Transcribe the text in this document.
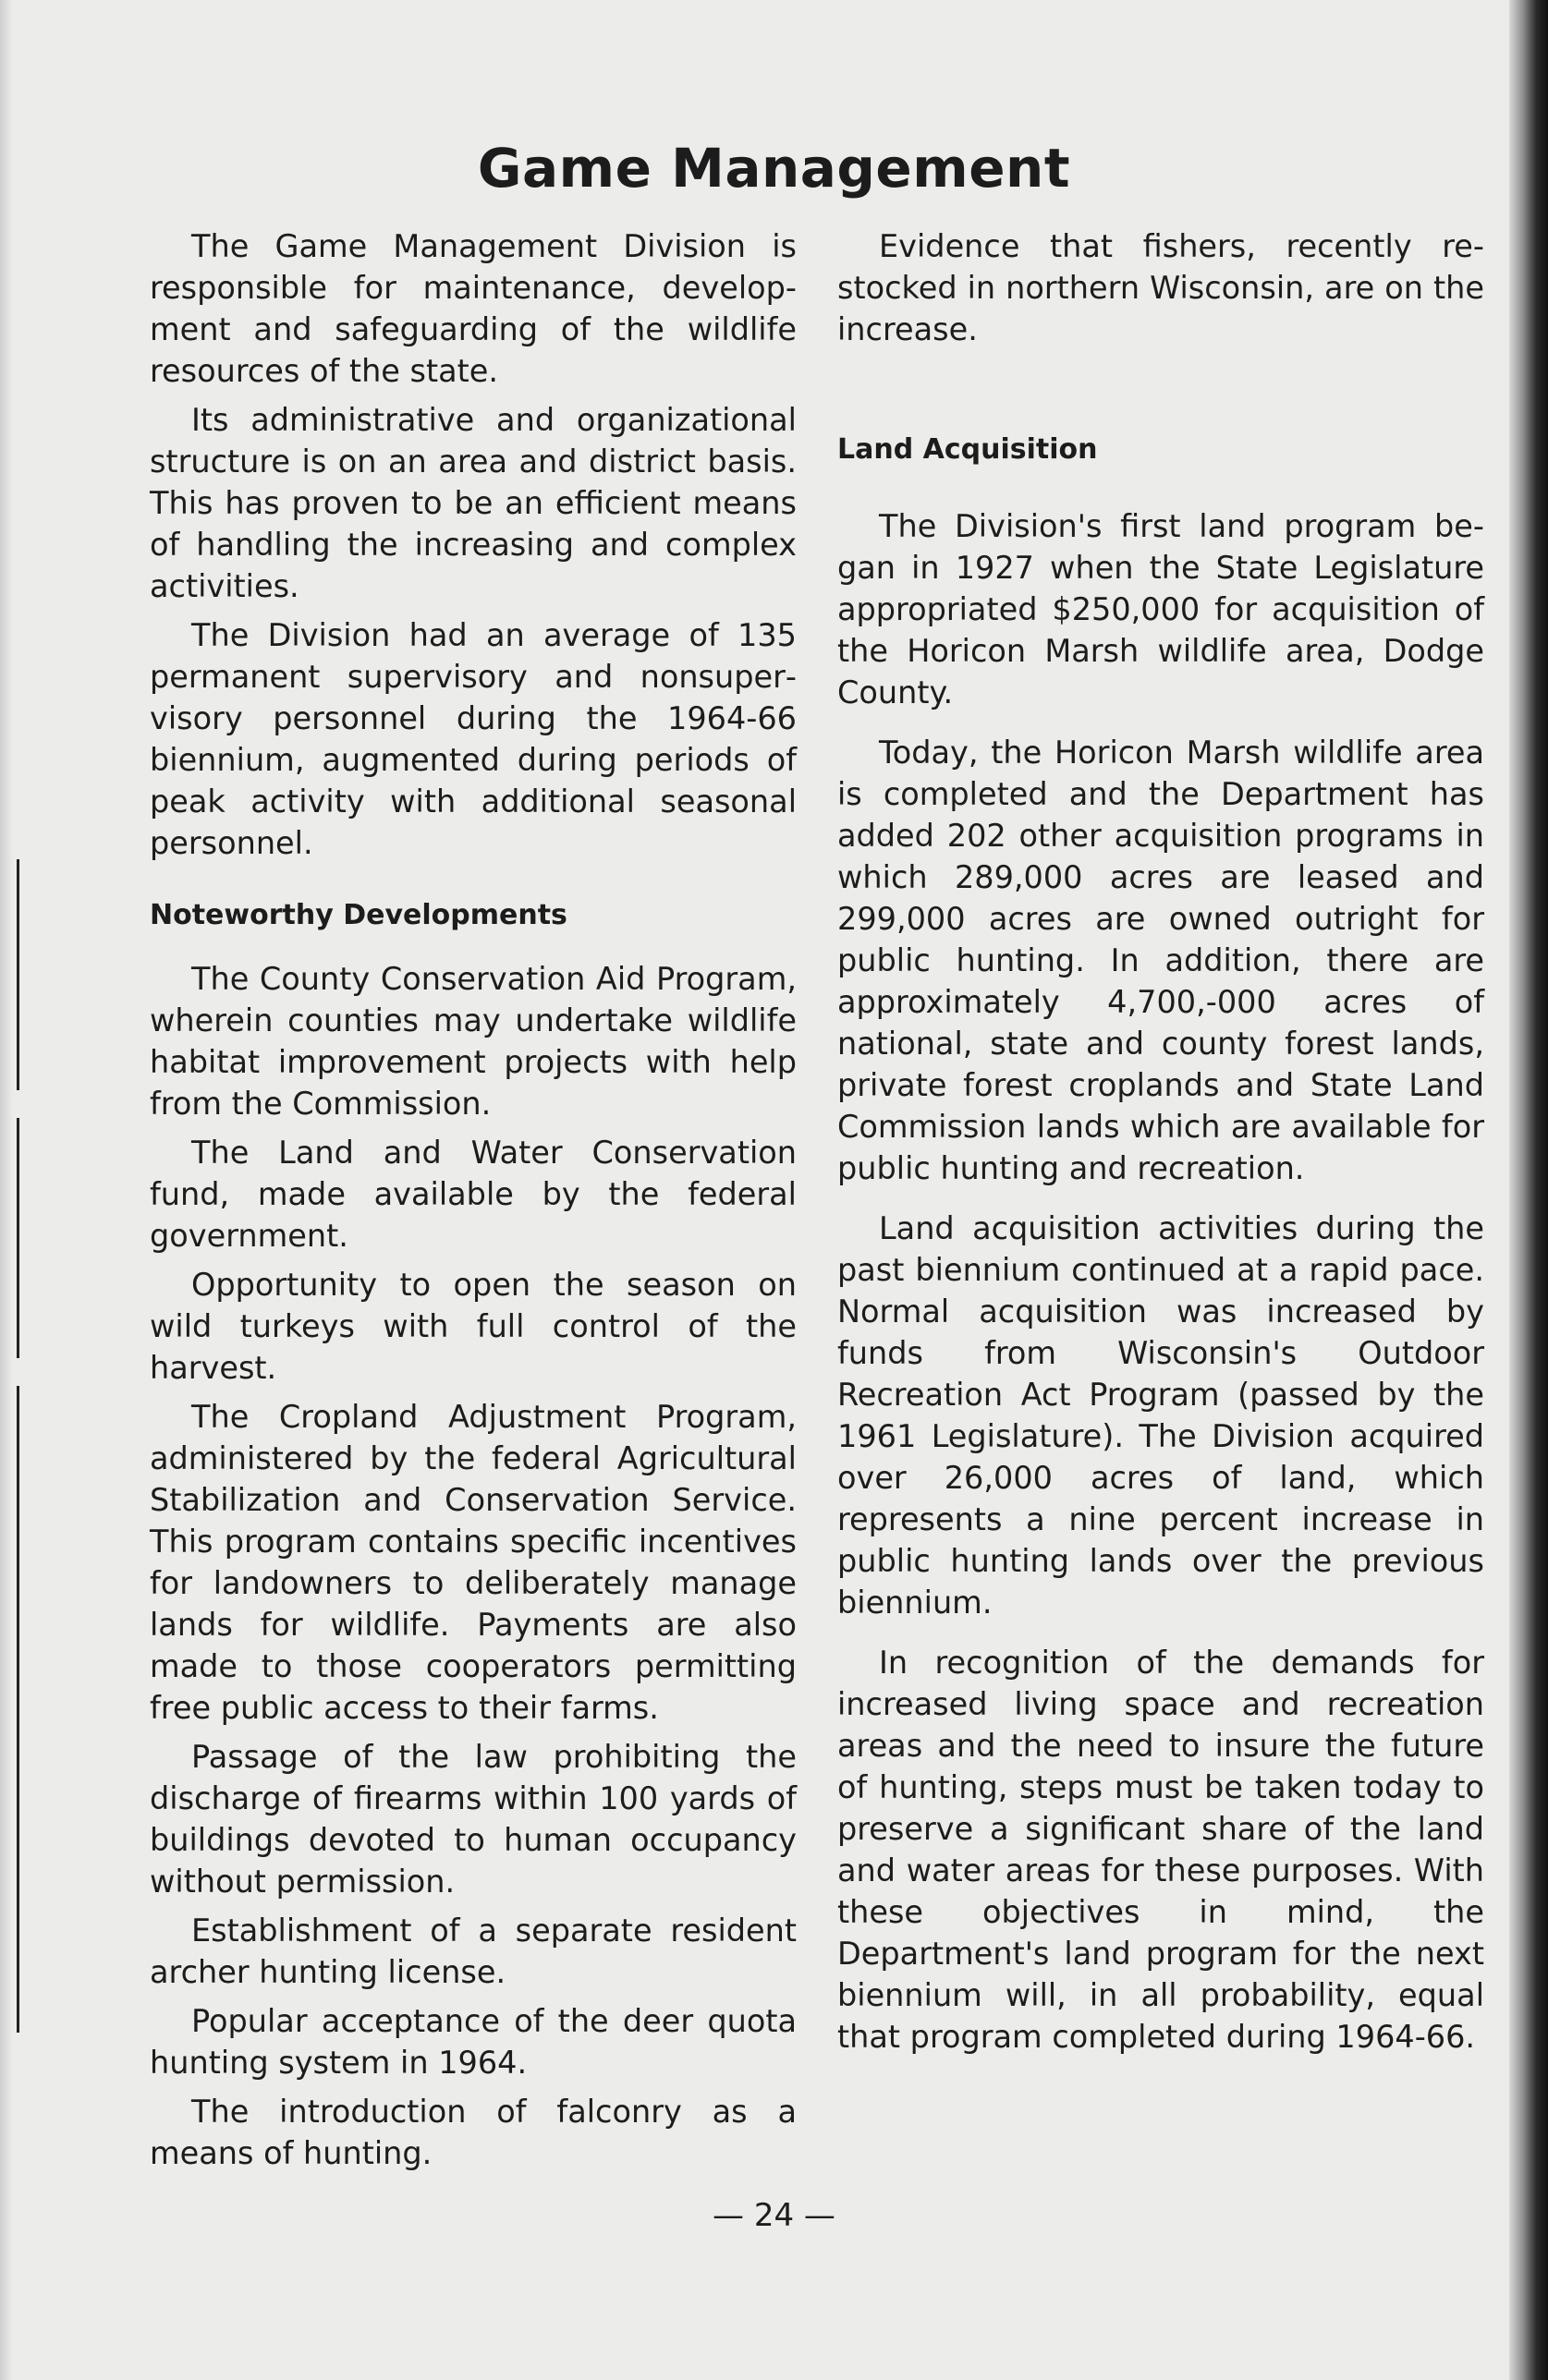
Game Management

The Game Management Division is responsible for maintenance, development and safeguarding of the wildlife resources of the state.

Its administrative and organizational structure is on an area and district basis. This has proven to be an efficient means of handling the increasing and complex activities.

The Division had an average of 135 permanent supervisory and nonsupervisory personnel during the 1964-66 biennium, augmented during periods of peak activity with additional seasonal personnel.

Noteworthy Developments

The County Conservation Aid Program, wherein counties may undertake wildlife habitat improvement projects with help from the Commission.

The Land and Water Conservation fund, made available by the federal government.

Opportunity to open the season on wild turkeys with full control of the harvest.

The Cropland Adjustment Program, administered by the federal Agricultural Stabilization and Conservation Service. This program contains specific incentives for landowners to deliberately manage lands for wildlife. Payments are also made to those cooperators permitting free public access to their farms.

Passage of the law prohibiting the discharge of firearms within 100 yards of buildings devoted to human occupancy without permission.

Establishment of a separate resident archer hunting license.

Popular acceptance of the deer quota hunting system in 1964.

The introduction of falconry as a means of hunting.

Evidence that fishers, recently restocked in northern Wisconsin, are on the increase.

Land Acquisition

The Division's first land program began in 1927 when the State Legislature appropriated $250,000 for acquisition of the Horicon Marsh wildlife area, Dodge County.

Today, the Horicon Marsh wildlife area is completed and the Department has added 202 other acquisition programs in which 289,000 acres are leased and 299,000 acres are owned outright for public hunting. In addition, there are approximately 4,700,-000 acres of national, state and county forest lands, private forest croplands and State Land Commission lands which are available for public hunting and recreation.

Land acquisition activities during the past biennium continued at a rapid pace. Normal acquisition was increased by funds from Wisconsin's Outdoor Recreation Act Program (passed by the 1961 Legislature). The Division acquired over 26,000 acres of land, which represents a nine percent increase in public hunting lands over the previous biennium.

In recognition of the demands for increased living space and recreation areas and the need to insure the future of hunting, steps must be taken today to preserve a significant share of the land and water areas for these purposes. With these objectives in mind, the Department's land program for the next biennium will, in all probability, equal that program completed during 1964-66.

— 24 —
